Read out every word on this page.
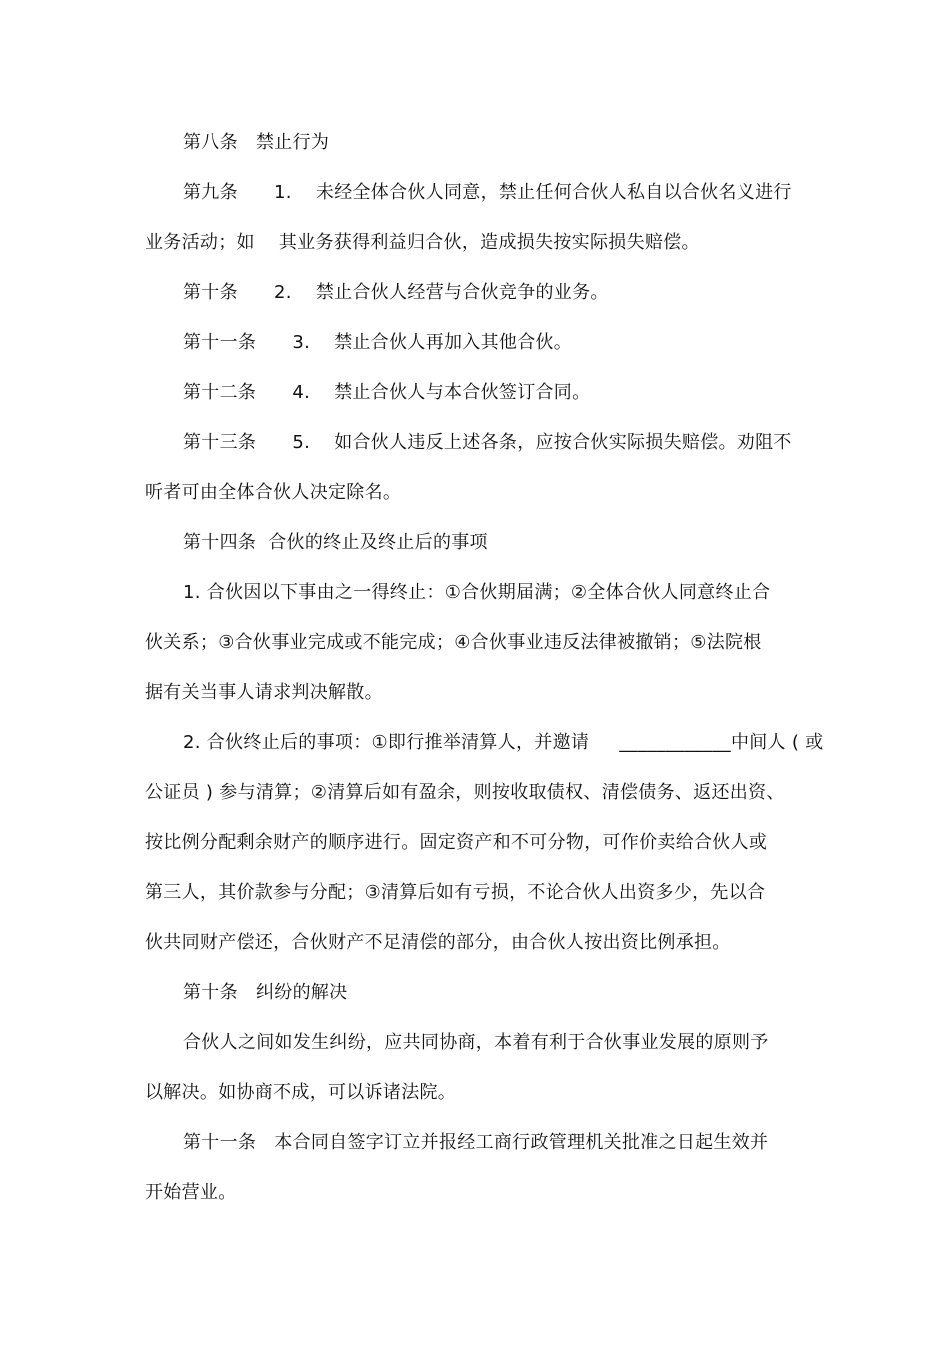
第八条   禁止行为
第九条      1.    未经全体合伙人同意，禁止任何合伙人私自以合伙名义进行
业务活动；如    其业务获得利益归合伙，造成损失按实际损失赔偿。
第十条      2.    禁止合伙人经营与合伙竞争的业务。
第十一条      3.    禁止合伙人再加入其他合伙。
第十二条      4.    禁止合伙人与本合伙签订合同。
第十三条      5.    如合伙人违反上述各条，应按合伙实际损失赔偿。劝阻不
听者可由全体合伙人决定除名。
第十四条  合伙的终止及终止后的事项
1. 合伙因以下事由之一得终止：①合伙期届满；②全体合伙人同意终止合
伙关系；③合伙事业完成或不能完成；④合伙事业违反法律被撤销；⑤法院根
据有关当事人请求判决解散。
2. 合伙终止后的事项：①即行推举清算人，并邀请     ____________中间人 ( 或
公证员 ) 参与清算；②清算后如有盈余，则按收取债权、清偿债务、返还出资、
按比例分配剩余财产的顺序进行。固定资产和不可分物，可作价卖给合伙人或
第三人，其价款参与分配；③清算后如有亏损，不论合伙人出资多少，先以合
伙共同财产偿还，合伙财产不足清偿的部分，由合伙人按出资比例承担。
第十条   纠纷的解决
合伙人之间如发生纠纷，应共同协商，本着有利于合伙事业发展的原则予
以解决。如协商不成，可以诉诸法院。
第十一条   本合同自签字订立并报经工商行政管理机关批准之日起生效并
开始营业。
